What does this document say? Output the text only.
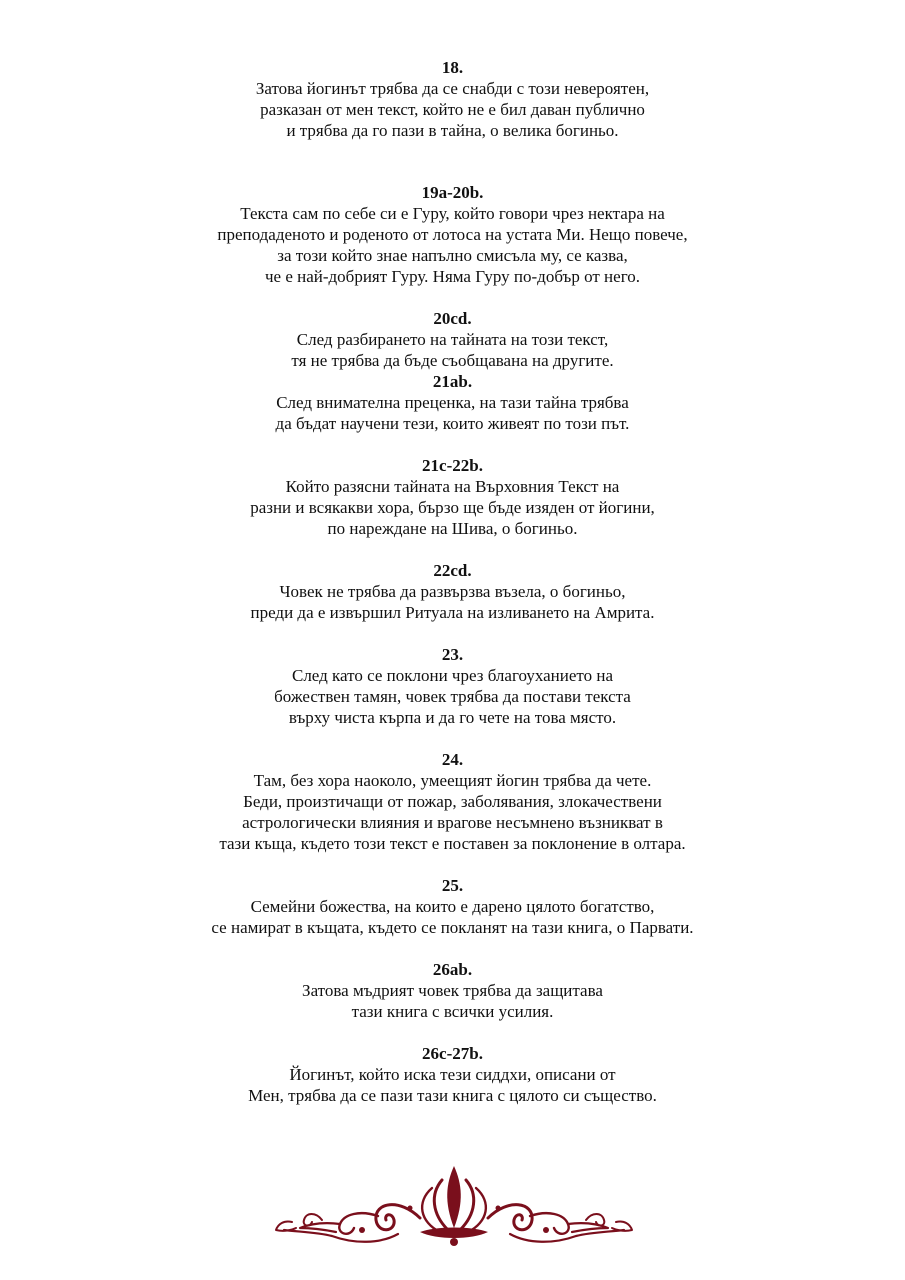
18.
Затова йогинът трябва да се снабди с този невероятен,
разказан от мен текст, който не е бил даван публично
и трябва да го пази в тайна, о велика богиньо.
19a-20b.
Текста сам по себе си е Гуру, който говори чрез нектара на
преподаденото и роденото от лотоса на устата Ми. Нещо повече,
за този който знае напълно смисъла му, се казва,
че е най-добрият Гуру. Няма Гуру по-добър от него.
20cd.
След разбирането на тайната на този текст,
тя не трябва да бъде съобщавана на другите.
21ab.
След внимателна преценка, на тази тайна трябва
да бъдат научени тези, които живеят по този път.
21c-22b.
Който разясни тайната на Върховния Текст на
разни и всякакви хора, бързо ще бъде изяден от йогини,
по нареждане на Шива, о богиньо.
22cd.
Човек не трябва да развързва възела, о богиньо,
преди да е извършил Ритуала на изливането на Амрита.
23.
След като се поклони чрез благоуханието на
божествен тамян, човек трябва да постави текста
върху чиста кърпа и да го чете на това място.
24.
Там, без хора наоколо, умеещият йогин трябва да чете.
Беди, произтичащи от пожар, заболявания, злокачествени
астрологически влияния и врагове несъмнено възникват в
тази къща, където този текст е поставен за поклонение в олтара.
25.
Семейни божества, на които е дарено цялото богатство,
се намират в къщата, където се покланят на тази книга, о Парвати.
26ab.
Затова мъдрият човек трябва да защитава
тази книга с всички усилия.
26c-27b.
Йогинът, който иска тези сиддхи, описани от
Мен, трябва да се пази тази книга с цялото си същество.
